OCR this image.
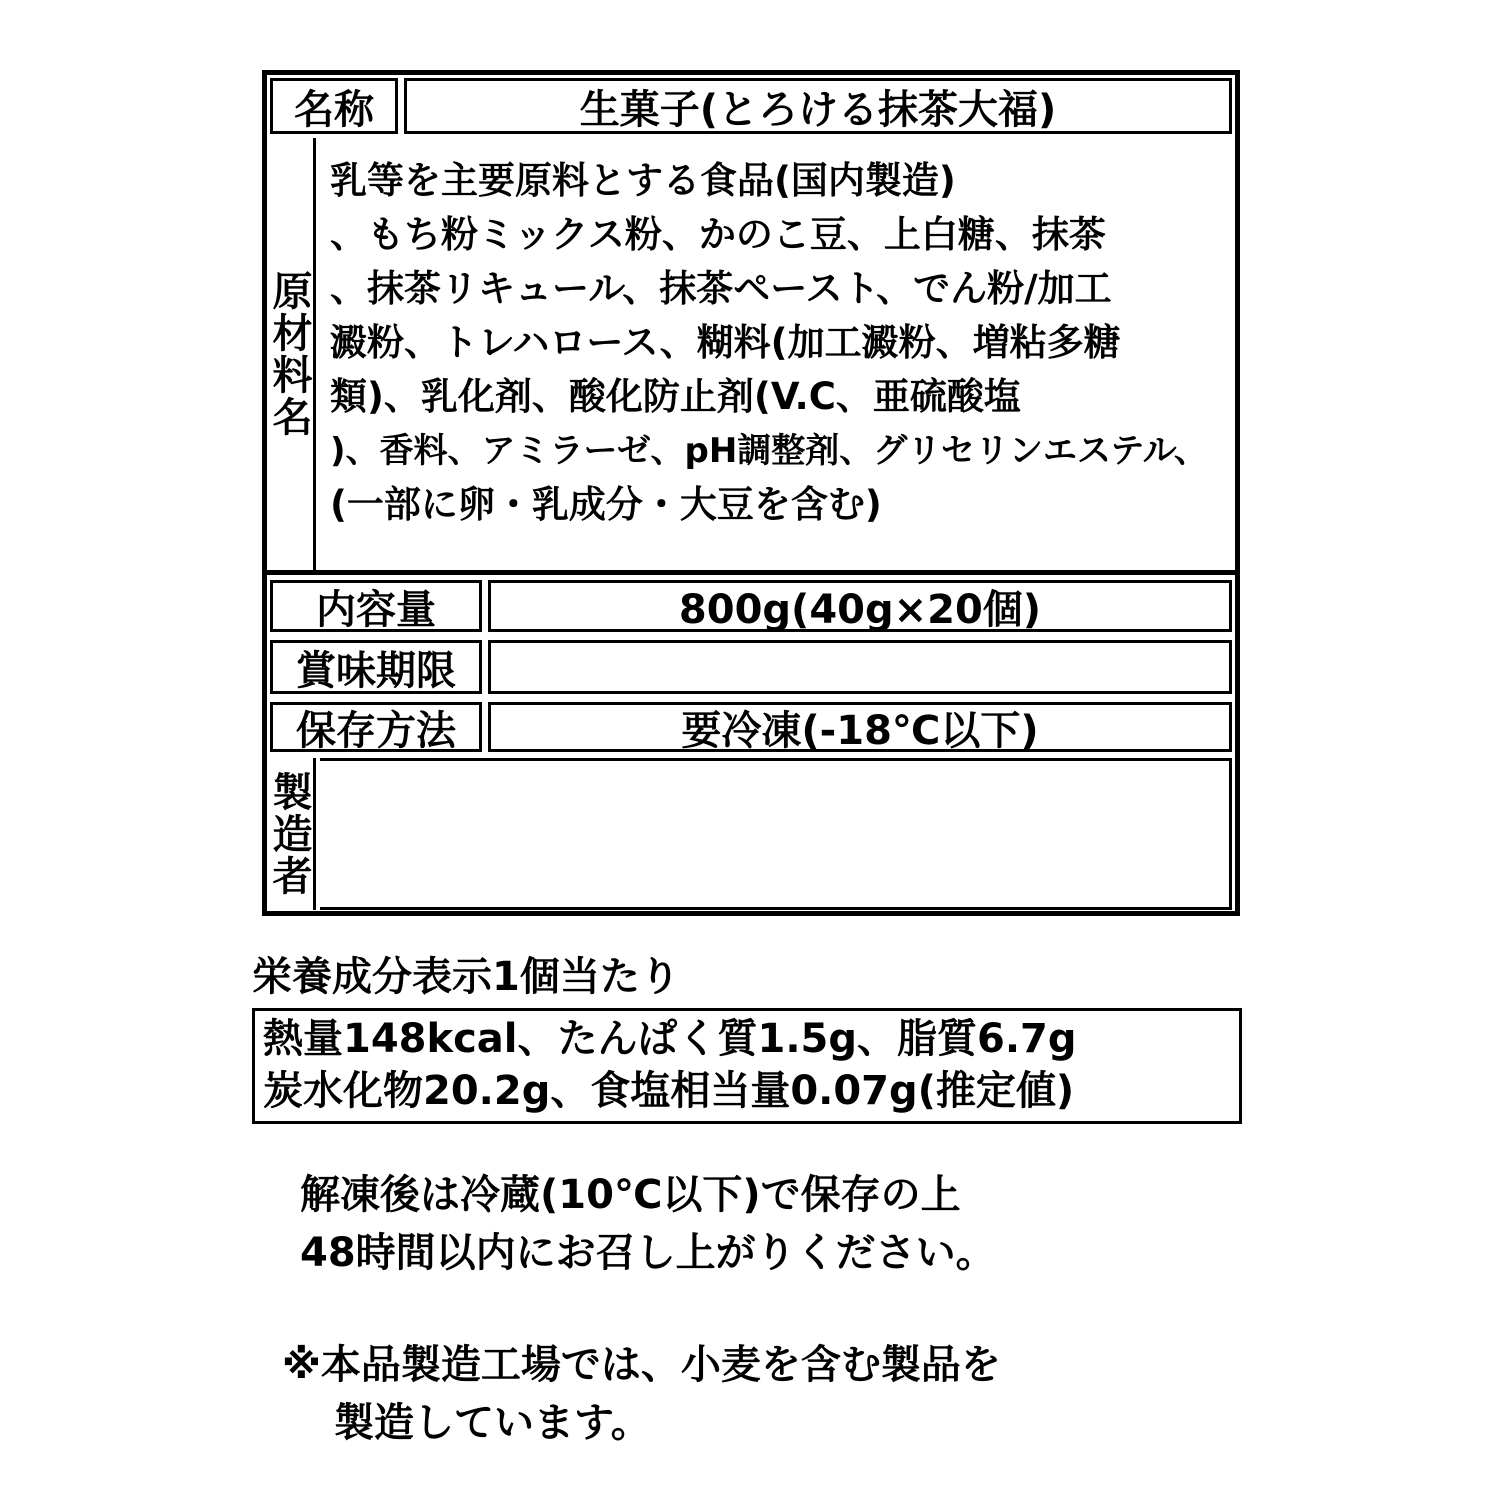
名称	生菓子(とろける抹茶大福)
原材料名
乳等を主要原料とする食品(国内製造)
、もち粉ミックス粉、かのこ豆、上白糖、抹茶
、抹茶リキュール、抹茶ペースト、でん粉/加工
澱粉、トレハロース、糊料(加工澱粉、増粘多糖
類)、乳化剤、酸化防止剤(V.C、亜硫酸塩
)、香料、アミラーゼ、pH調整剤、グリセリンエステル、
(一部に卵・乳成分・大豆を含む)
内容量	800g(40g×20個)
賞味期限
保存方法	要冷凍(-18℃以下)
製造者
栄養成分表示1個当たり
熱量148kcal、たんぱく質1.5g、脂質6.7g
炭水化物20.2g、食塩相当量0.07g(推定値)
解凍後は冷蔵(10℃以下)で保存の上
48時間以内にお召し上がりください。
※本品製造工場では、小麦を含む製品を
製造しています。
